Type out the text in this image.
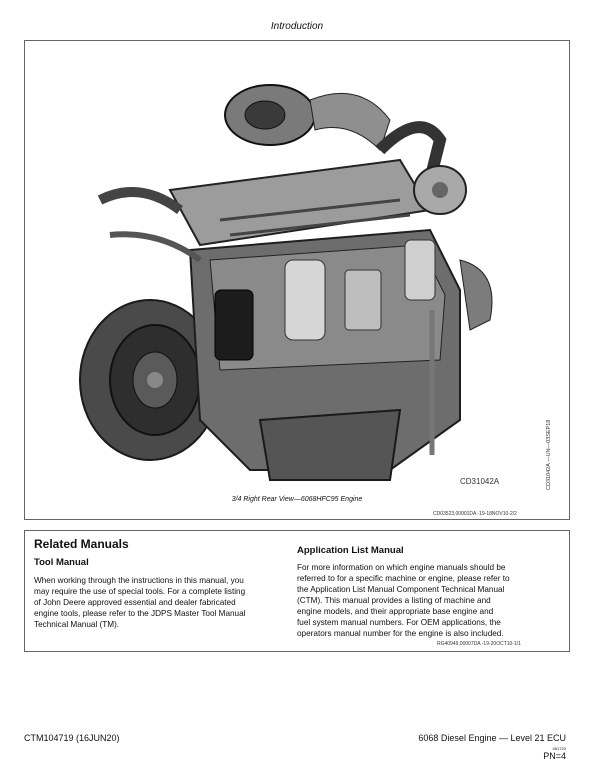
Introduction
CD31042A
3/4 Right Rear View—6068HFC95 Engine
CD03523,00001DA -19-18NOV10-2/2
CD31042A —UN—03SEP18
Related Manuals
Tool Manual
When working through the instructions in this manual, you
may require the use of special tools. For a complete listing
of John Deere approved essential and dealer fabricated
engine tools, please refer to the JDPS Master Tool Manual
Technical Manual (TM).
Application List Manual
For more information on which engine manuals should be
referred to for a specific machine or engine, please refer to
the Application List Manual Component Technical Manual
(CTM). This manual provides a listing of machine and
engine models, and their appropriate base engine and
fuel system manual numbers. For OEM applications, the
operators manual number for the engine is also included.
RG40949,00007DA -19-20OCT10-1/1
CTM104719 (16JUN20)	6068 Diesel Engine — Level 21 ECU
061720
PN=4
